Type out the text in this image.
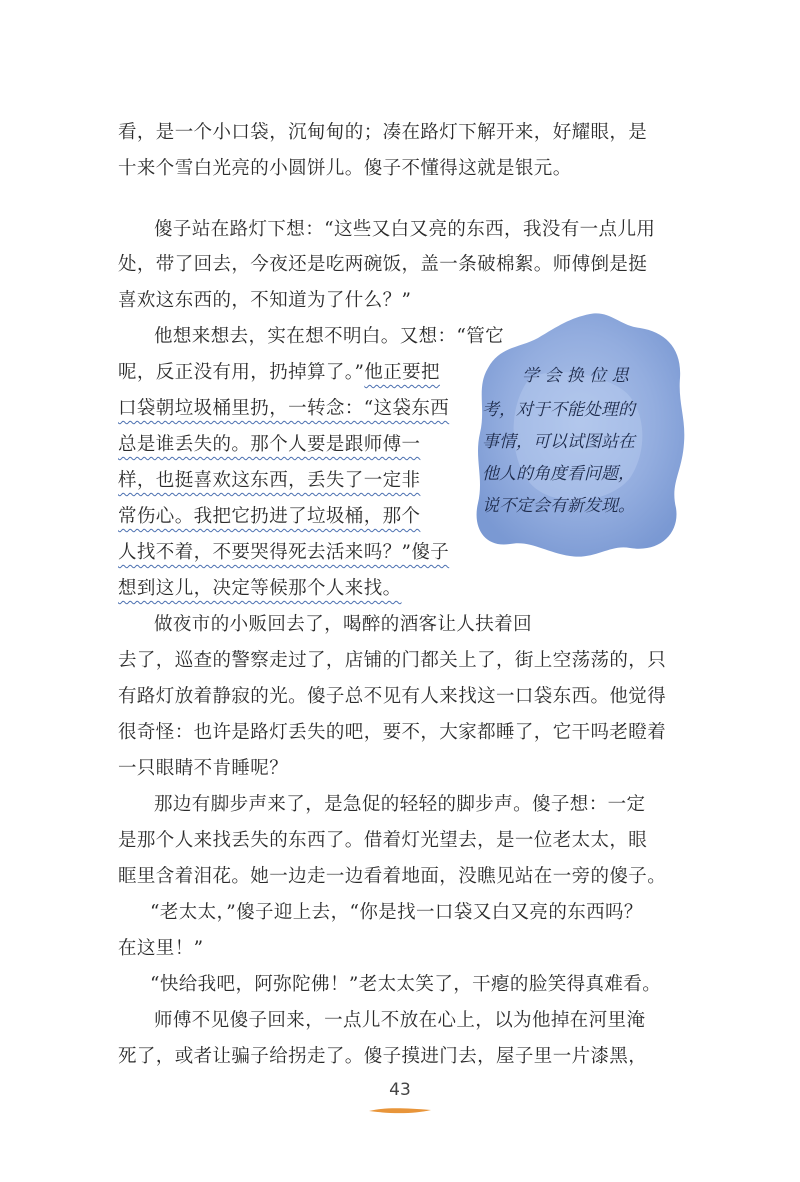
学 会 换 位 思
考，对于不能处理的
事情，可以试图站在
他人的角度看问题，
说不定会有新发现。
看，是一个小口袋，沉甸甸的；凑在路灯下解开来，好耀眼，是
十来个雪白光亮的小圆饼儿。傻子不懂得这就是银元。
傻子站在路灯下想：“这些又白又亮的东西，我没有一点儿用
处，带了回去，今夜还是吃两碗饭，盖一条破棉絮。师傅倒是挺
喜欢这东西的，不知道为了什么？”
他想来想去，实在想不明白。又想：“管它
呢，反正没有用，扔掉算了。”他正要把
口袋朝垃圾桶里扔，一转念：“这袋东西
总是谁丢失的。那个人要是跟师傅一
样，也挺喜欢这东西，丢失了一定非
常伤心。我把它扔进了垃圾桶，那个
人找不着，不要哭得死去活来吗？”傻子
想到这儿，决定等候那个人来找。
做夜市的小贩回去了，喝醉的酒客让人扶着回
去了，巡查的警察走过了，店铺的门都关上了，街上空荡荡的，只
有路灯放着静寂的光。傻子总不见有人来找这一口袋东西。他觉得
很奇怪：也许是路灯丢失的吧，要不，大家都睡了，它干吗老瞪着
一只眼睛不肯睡呢？
那边有脚步声来了，是急促的轻轻的脚步声。傻子想：一定
是那个人来找丢失的东西了。借着灯光望去，是一位老太太，眼
眶里含着泪花。她一边走一边看着地面，没瞧见站在一旁的傻子。
“老太太，”傻子迎上去，“你是找一口袋又白又亮的东西吗？
在这里！”
“快给我吧，阿弥陀佛！”老太太笑了，干瘪的脸笑得真难看。
师傅不见傻子回来，一点儿不放在心上，以为他掉在河里淹
死了，或者让骗子给拐走了。傻子摸进门去，屋子里一片漆黑，
43
